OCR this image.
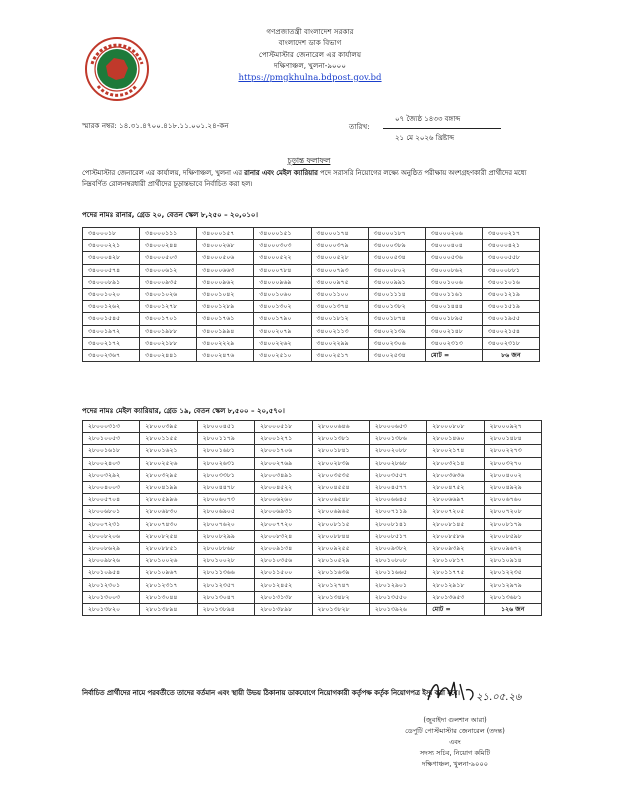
গণপ্রজাতন্ত্রী বাংলাদেশ সরকার
বাংলাদেশ ডাক বিভাগ
পোস্টমাস্টার জেনারেল এর কার্যালয়
দক্ষিণাঞ্চল, খুলনা-৯০০০
https://pmgkhulna.bdpost.gov.bd
স্মারক নম্বর: ১৪.৩১.৪৭০০.৪১৮.১১.০০১.২৪-কন	তারিখ:
০৭ জ্যৈষ্ঠ ১৪৩৩ বঙ্গাব্দ
২১ মে ২০২৬ খ্রিষ্টাব্দ
চূড়ান্ত ফলাফল
পোস্টমাস্টার জেনারেল এর কার্যালয়, দক্ষিণাঞ্চল, খুলনা এর রানার এবং মেইল ক্যারিয়ার পদে সরাসরি নিয়োগের লক্ষ্যে অনুষ্ঠিত পরীক্ষায় অংশগ্রহণকারী প্রার্থীদের মধ্যে নিম্নবর্ণিত রোলনম্বরধারী প্রার্থীদের চূড়ান্তভাবে নির্বাচিত করা হল।
পদের নামঃ রানার, গ্রেড ২০, বেতন স্কেল ৮,২৫০ – ২০,০১০।
৩৪০০০১৮	৩৪০০০১১১	৩৪০০০১৫৭	৩৪০০০১৫১	৩৪০০০১৭৪	৩৪০০০১৮৭	৩৪০০০২০৬	৩৪০০০২১৭
৩৪০০০২২১	৩৪০০০২৪৪	৩৪০০০২৬৮	৩৪০০০৩০৩	৩৪০০০৩৭৯	৩৪০০০৩৮৯	৩৪০০০৪০৪	৩৪০০০৪২১
৩৪০০০৪২৮	৩৪০০০৫০৩	৩৪০০০৫০৬	৩৪০০০৫২২	৩৪০০০৫২৮	৩৪০০০৫৩৪	৩৪০০০৫৩৬	৩৪০০০৫৫৮
৩৪০০০৫৭৪	৩৪০০০৬১২	৩৪০০০৬৬৩	৩৪০০০৭৮৪	৩৪০০০৭৯৩	৩৪০০০৮০২	৩৪০০০৮৬২	৩৪০০০৮৮১
৩৪০০০৮৯১	৩৪০০০৯৩৫	৩৪০০০৯৬২	৩৪০০০৯৬৯	৩৪০০০৯৭৫	৩৪০০০৯৯১	৩৪০০১০০৬	৩৪০০১০১৬
৩৪০০১০২০	৩৪০০১০২৬	৩৪০০১০৪২	৩৪০০১০৬০	৩৪০০১১০০	৩৪০০১১১৪	৩৪০০১১৬১	৩৪০০১২১৯
৩৪০০১২৬২	৩৪০০১২৭৮	৩৪০০১২৮৯	৩৪০০১৩০২	৩৪০০১৩৭৪	৩৪০০১৩৮২	৩৪০০১৪৪৪	৩৪০০১৫১৯
৩৪০০১৫৪৫	৩৪০০১৭০১	৩৪০০১৭৬১	৩৪০০১৭৯০	৩৪০০১৮১২	৩৪০০১৮৭৪	৩৪০০১৮৯৫	৩৪০০১৯৫৫
৩৪০০১৯৭২	৩৪০০১৯৮৮	৩৪০০১৯৯৪	৩৪০০২০৭৯	৩৪০০২১১৩	৩৪০০২১৩৯	৩৪০০২১৪৮	৩৪০০২১৫৪
৩৪০০২১৭২	৩৪০০২১৮৮	৩৪০০২২২৯	৩৪০০২২৬২	৩৪০০২২৯৯	৩৪০০২৩০৬	৩৪০০২৩১৩	৩৪০০২৩১৮
৩৪০০২৩৬৭	৩৪০০২৪৪১	৩৪০০২৪৭৬	৩৪০০২৫১০	৩৪০০২৫১৭	৩৪০০২৫৩৪	মোট =	৮৬ জন
পদের নামঃ মেইল ক্যারিয়ার, গ্রেড ১৯, বেতন স্কেল ৮,৫০০ – ২০,৫৭০।
২৮০০০৩১৩	২৮০০০৩৯৫	২৮০০০৪৫১	২৮০০০৫১৮	২৮০০০৬৪৬	২৮০০০৬৫৩	২৮০০০৮০৮	২৮০০০৯২৭
২৮০১০০৫৩	২৮০০১১৫৫	২৮০০১১৭৯	২৮০০১২৭১	২৮০০১৩৮১	২৮০০১৩৮৬	২৮০০১৪৬০	২৮০০১৪৮৪
২৮০০১৬১৮	২৮০০১৬২১	২৮০০১৬৮১	২৮০০১৭০৬	২৮০০১৮৪১	২৮০০২০৮৮	২৮০০২১৭৪	২৮০০২২৭৩
২৮০০২৪০৩	২৮০০২৫২৬	২৮০০২৬৩১	২৮০০২৭৬৯	২৮০০২৮৩৯	২৮০০২৮৬৮	২৮০০৩২১৪	২৮০০৩২৭০
২৮০০৩২৯২	২৮০০৩২৯৫	২৮০০৩৩৮১	২৮০০৩৪৯১	২৮০০৩৫৩৫	২৮০০৩৫৫৭	২৮০০৩৬৩৬	২৮০০৪০০২
২৮০০৪০০৩	২৮০০৪১৯৯	২৮০০৪৪৭৮	২৮০০৪৫২২	২৮০০৪৫৫৪	২৮০০৪৫৭৭	২৮০০৪৭৫২	২৮০০৪৯২৯
২৮০০৫৭০৪	২৮০০৫৯৯৬	২৮০০৬০৭৩	২৮০০৬২৬০	২৮০০৬৫৪৮	২৮০০৬৬৪৫	২৮০০৬৬৯৭	২৮০০৬৭৬০
২৮০০৬৮০১	২৮০০৬৮৩০	২৮০০৬৯০৫	২৮০০৬৯৩১	২৮০০৬৯৬৫	২৮০০৭১১৯	২৮০০৭২০৫	২৮০০৭২০৮
২৮০০৭২৩১	২৮০০৭৪৩০	২৮০০৭৬২০	২৮০০৭৭২০	২৮০০৮১১৫	২৮০০৮১৪১	২৮০০৮১৪৫	২৮০০৮১৭৯
২৮০০৮২০৬	২৮০০৮২৫৪	২৮০০৮২৯৯	২৮০০৮৩২৪	২৮০০৮৮৪৪	২৮০০৮৫১৭	২৮০০৮৫৮৬	২৮০০৮৫৯৮
২৮০০৮৬২৯	২৮০০৮৮৫১	২৮০০৮৮৬৮	২৮০০৯১৩৪	২৮০০৯২৫৫	২৮০০৯৩৮২	২৮০০৯৩৯২	২৮০০৯৬৭২
২৮০০৯৮২৬	২৮০১০০২৬	২৮০১০০২৮	২৮০১০৩৫৬	২৮০১০৫২৯	২৮০১০৮০৮	২৮০১০৮১৭	২৮০১০৯১৪
২৮০১০৯৫৪	২৮০১০৯৬৭	২৮০১১৩৬৬	২৮০১১৫০০	২৮০১১৬৩৯	২৮০১১৬৬৫	২৮০১১৭৭৫	২৮০১২২৩৫
২৮০১২৩০১	২৮০১২৩১৭	২৮০১২৩৫৭	২৮০১২৪৫২	২৮০১২৭৪৭	২৮০১২৯০১	২৮০১২৯১৮	২৮০১২৯৭৯
২৮০১৩০০৩	২৮০১৩০৪৪	২৮০১৩০৪৭	২৮০১৩১৩৮	২৮০১৩৪৮২	২৮০১৩৫৫০	২৮০১৩৬৫৩	২৮০১৩৬৮১
২৮০১৩৮২০	২৮০১৩৮৯৪	২৮০১৩৮৯৪	২৮০১৩৮৯৮	২৮০১৩৮২৮	২৮০১৩৯২৬	মোট =	১২৬ জন
নির্বাচিত প্রার্থীদের নামে পরবর্তীতে তাদের বর্তমান এবং স্থায়ী উভয় ঠিকানায় ডাকযোগে নিয়োগকারী কর্তৃপক্ষ কর্তৃক নিয়োগপত্র ইস্যু করা হবে।	২১.০৫.২৬
(জুবাইদা গুলশান আরা)
ডেপুটি পোস্টমাস্টার জেনারেল (তদন্ত)
এবং
সদস্য সচিব, নিয়োগ কমিটি
দক্ষিণাঞ্চল, খুলনা-৯০০০
